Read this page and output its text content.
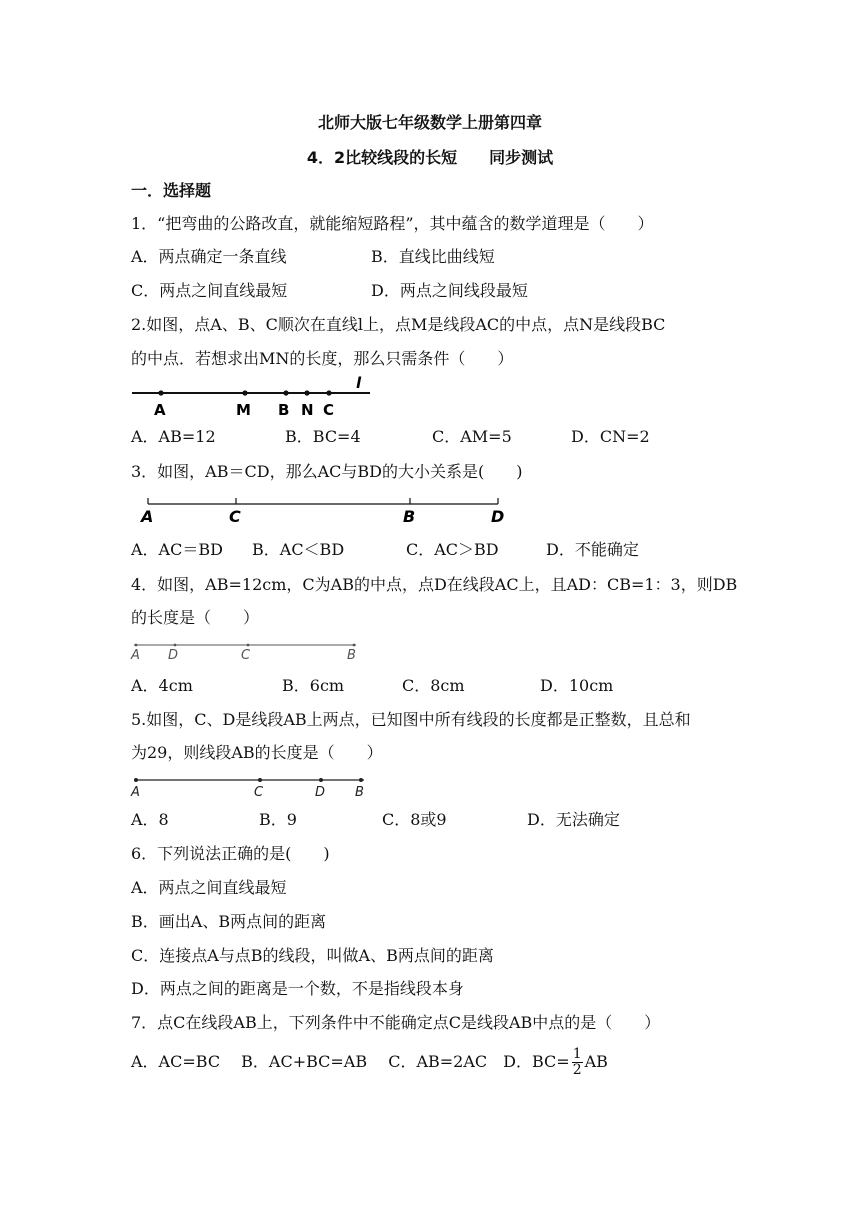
北师大版七年级数学上册第四章
4．2比较线段的长短　　同步测试
一．选择题
1．“把弯曲的公路改直，就能缩短路程”，其中蕴含的数学道理是（　　）
A．两点确定一条直线	B．直线比曲线短
C．两点之间直线最短	D．两点之间线段最短
2.如图，点A、B、C顺次在直线l上，点M是线段AC的中点，点N是线段BC
的中点．若想求出MN的长度，那么只需条件（　　）
l
A	M B N C
A．AB=12	B．BC=4	C．AM=5	D．CN=2
3．如图，AB＝CD，那么AC与BD的大小关系是(　　)
A	C	B	D
A．AC＝BD B．AC＜BD	C．AC＞BD	D．不能确定
4．如图，AB=12cm，C为AB的中点，点D在线段AC上，且AD：CB=1：3，则DB
的长度是（　　）
A D	C	B
A．4cm	B．6cm	C．8cm	D．10cm
5.如图，C、D是线段AB上两点，已知图中所有线段的长度都是正整数，且总和
为29，则线段AB的长度是（　　）
A	C	D B
A．8	B．9	C．8或9	D．无法确定
6．下列说法正确的是(　　)
A．两点之间直线最短
B．画出A、B两点间的距离
C．连接点A与点B的线段，叫做A、B两点间的距离
D．两点之间的距离是一个数，不是指线段本身
7．点C在线段AB上，下列条件中不能确定点C是线段AB中点的是（　　）
A．AC=BC　 B．AC+BC=AB　 C．AB=2AC　D．$BC= \frac{1}{2}$ AB
